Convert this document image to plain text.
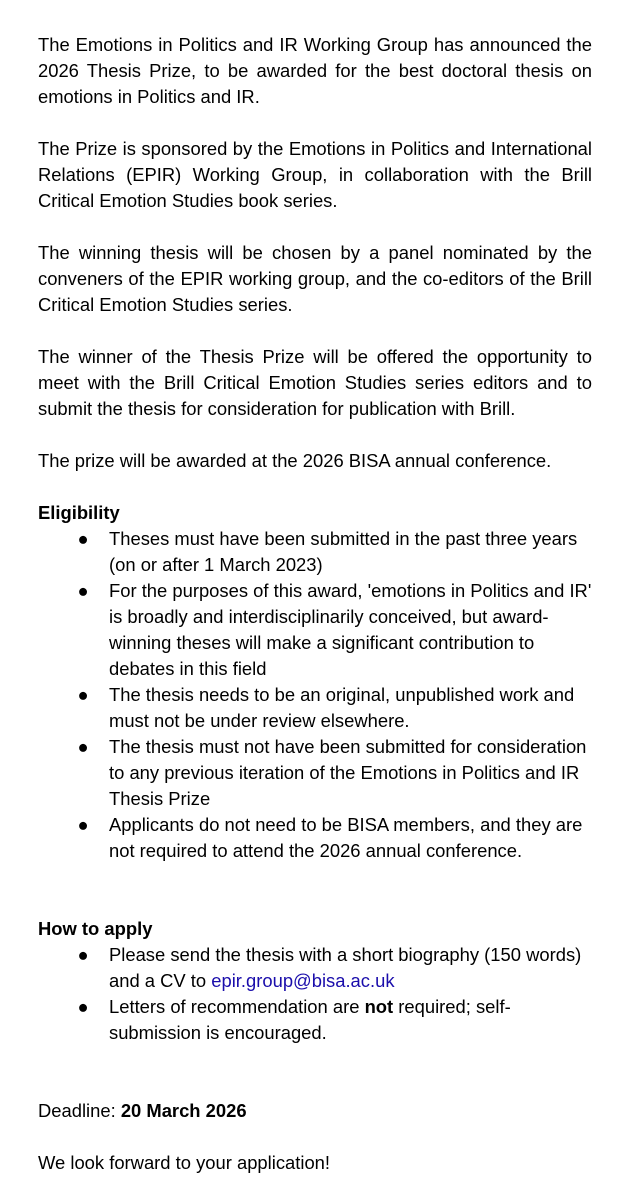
The Emotions in Politics and IR Working Group has announced the 2026 Thesis Prize, to be awarded for the best doctoral thesis on emotions in Politics and IR.

The Prize is sponsored by the Emotions in Politics and International Relations (EPIR) Working Group, in collaboration with the Brill Critical Emotion Studies book series.

The winning thesis will be chosen by a panel nominated by the conveners of the EPIR working group, and the co-editors of the Brill Critical Emotion Studies series.

The winner of the Thesis Prize will be offered the opportunity to meet with the Brill Critical Emotion Studies series editors and to submit the thesis for consideration for publication with Brill.

The prize will be awarded at the 2026 BISA annual conference.

Eligibility
● Theses must have been submitted in the past three years (on or after 1 March 2023)
● For the purposes of this award, 'emotions in Politics and IR' is broadly and interdisciplinarily conceived, but award-winning theses will make a significant contribution to debates in this field
● The thesis needs to be an original, unpublished work and must not be under review elsewhere.
● The thesis must not have been submitted for consideration to any previous iteration of the Emotions in Politics and IR Thesis Prize
● Applicants do not need to be BISA members, and they are not required to attend the 2026 annual conference.
How to apply
● Please send the thesis with a short biography (150 words) and a CV to epir.group@bisa.ac.uk
● Letters of recommendation are not required; self-submission is encouraged.
Deadline: 20 March 2026
We look forward to your application!
